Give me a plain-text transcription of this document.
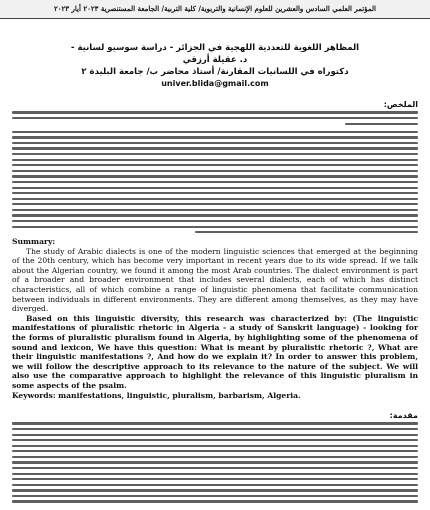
المؤتمر العلمي السادس والعشرين للعلوم الإنسانية والتربوية/ كلية التربية/ الجامعة المستنصرية ٢٠٢٣ أيار ٢٠٢٣
المظاهر اللغوية للتعددية اللهجية في الجزائر - دراسة سوسيو لسانية -
د. عقيلة أرزقي
دكتوراه في اللسانيات المقارنة/ أستاذ محاضر ب/ جامعة البليدة ٢
univer.blida@gmail.com
الملخص:
Summary:

The study of Arabic dialects is one of the modern linguistic sciences that emerged at the beginning of the 20th century, which has become very important in recent years due to its wide spread. If we talk about the Algerian country, we found it among the most Arab countries. The dialect environment is part of a broader and broader environment that includes several dialects, each of which has distinct characteristics, all of which combine a range of linguistic phenomena that facilitate communication between individuals in different environments. They are different among themselves, as they may have diverged.

Based on this linguistic diversity, this research was characterized by: (The linguistic manifestations of pluralistic rhetoric in Algeria - a study of Sanskrit language) - looking for the forms of pluralistic pluralism found in Algeria, by highlighting some of the phenomena of sound and lexicon, We have this question: What is meant by pluralistic rhetoric ?, What are their linguistic manifestations ?, And how do we explain it? In order to answer this problem, we will follow the descriptive approach to its relevance to the nature of the subject. We will also use the comparative approach to highlight the relevance of this linguistic pluralism in some aspects of the psalm.

Keywords: manifestations, linguistic, pluralism, barbarism, Algeria.

مقدمة:
